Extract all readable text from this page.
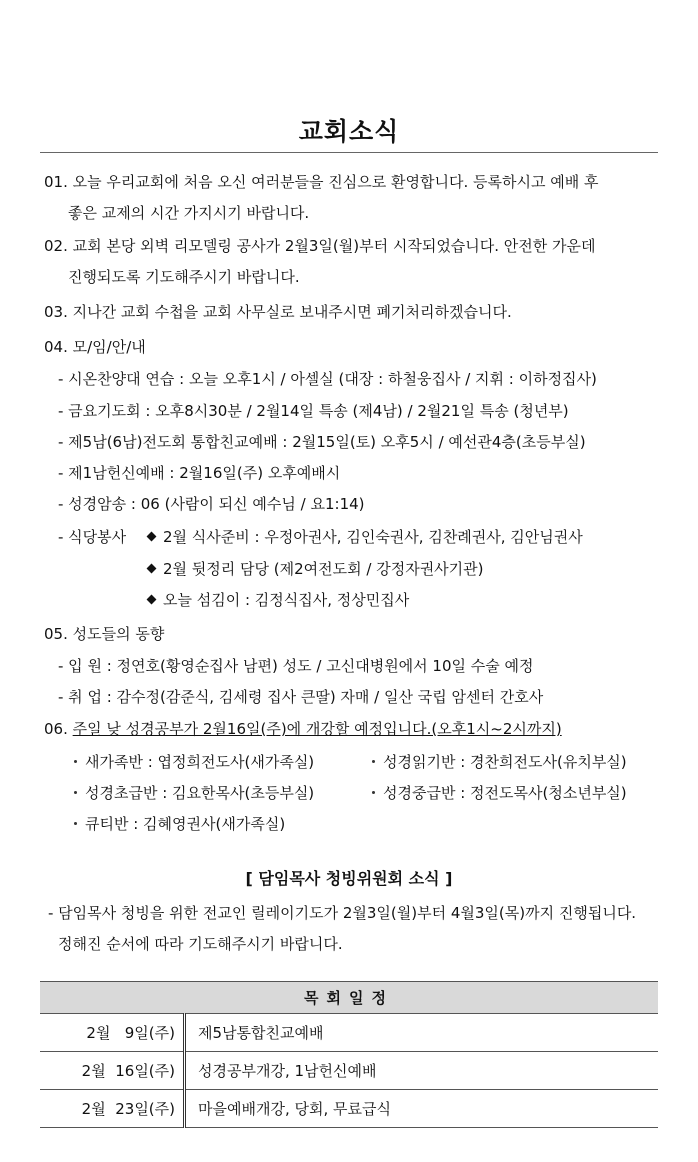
교회소식
01. 오늘 우리교회에 처음 오신 여러분들을 진심으로 환영합니다. 등록하시고 예배 후
좋은 교제의 시간 가지시기 바랍니다.
02. 교회 본당 외벽 리모델링 공사가 2월3일(월)부터 시작되었습니다. 안전한 가운데
진행되도록 기도해주시기 바랍니다.
03. 지나간 교회 수첩을 교회 사무실로 보내주시면 폐기처리하겠습니다.
04. 모/임/안/내
- 시온찬양대 연습 : 오늘 오후1시 / 아셀실 (대장 : 하철웅집사 / 지휘 : 이하정집사)
- 금요기도회 : 오후8시30분 / 2월14일 특송 (제4남) / 2월21일 특송 (청년부)
- 제5남(6남)전도회 통합친교예배 : 2월15일(토) 오후5시 / 예선관4층(초등부실)
- 제1남헌신예배 : 2월16일(주) 오후예배시
- 성경암송 : 06 (사람이 되신 예수님 / 요1:14)
- 식당봉사	2월 식사준비 : 우정아권사, 김인숙권사, 김찬례권사, 김안님권사
2월 뒷정리 담당 (제2여전도회 / 강정자권사기관)
오늘 섬김이 : 김정식집사, 정상민집사
05. 성도들의 동향
- 입 원 : 정연호(황영순집사 남편) 성도 / 고신대병원에서 10일 수술 예정
- 취 업 : 감수정(감준식, 김세령 집사 큰딸) 자매 / 일산 국립 암센터 간호사
06. 주일 낮 성경공부가 2월16일(주)에 개강할 예정입니다.(오후1시~2시까지)
새가족반 : 엽정희전도사(새가족실)	성경읽기반 : 경찬희전도사(유치부실)
성경초급반 : 김요한목사(초등부실)	성경중급반 : 정전도목사(청소년부실)
큐티반 : 김혜영권사(새가족실)
[ 담임목사 청빙위원회 소식 ]
- 담임목사 청빙을 위한 전교인 릴레이기도가 2월3일(월)부터 4월3일(목)까지 진행됩니다.
정해진 순서에 따라 기도해주시기 바랍니다.
목회일정	
2월   9일(주)	제5남통합친교예배
2월  16일(주)	성경공부개강, 1남헌신예배
2월  23일(주)	마을예배개강, 당회, 무료급식
